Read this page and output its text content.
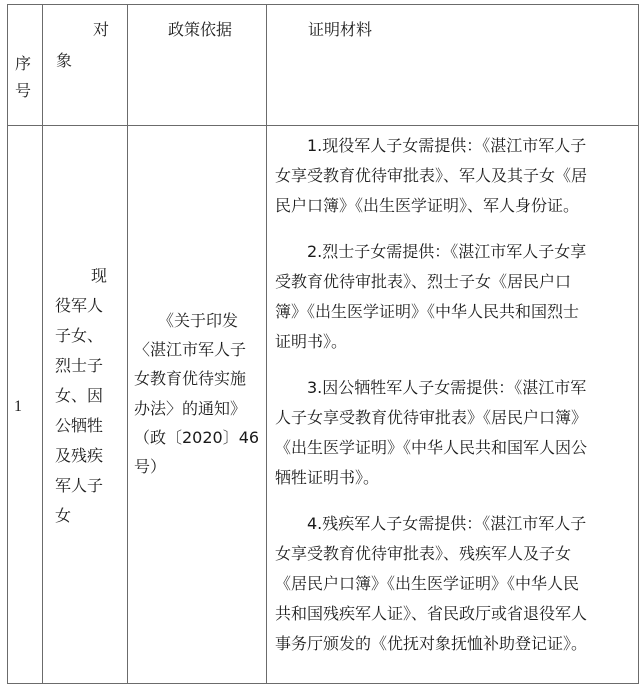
序
号
对
象
政策依据	证明材料
1
现
役军人
子女、
烈士子
女、因
公牺牲
及残疾
军人子
女
《关于印发
〈湛江市军人子
女教育优待实施
办法〉的通知》
（政〔2020〕46
号）
1.现役军人子女需提供：《湛江市军人子
女享受教育优待审批表》、军人及其子女《居
民户口簿》《出生医学证明》、军人身份证。
2.烈士子女需提供：《湛江市军人子女享
受教育优待审批表》、烈士子女《居民户口
簿》《出生医学证明》《中华人民共和国烈士
证明书》。
3.因公牺牲军人子女需提供：《湛江市军
人子女享受教育优待审批表》《居民户口簿》
《出生医学证明》《中华人民共和国军人因公
牺牲证明书》。
4.残疾军人子女需提供：《湛江市军人子
女享受教育优待审批表》、残疾军人及子女
《居民户口簿》《出生医学证明》《中华人民
共和国残疾军人证》、省民政厅或省退役军人
事务厅颁发的《优抚对象抚恤补助登记证》。
